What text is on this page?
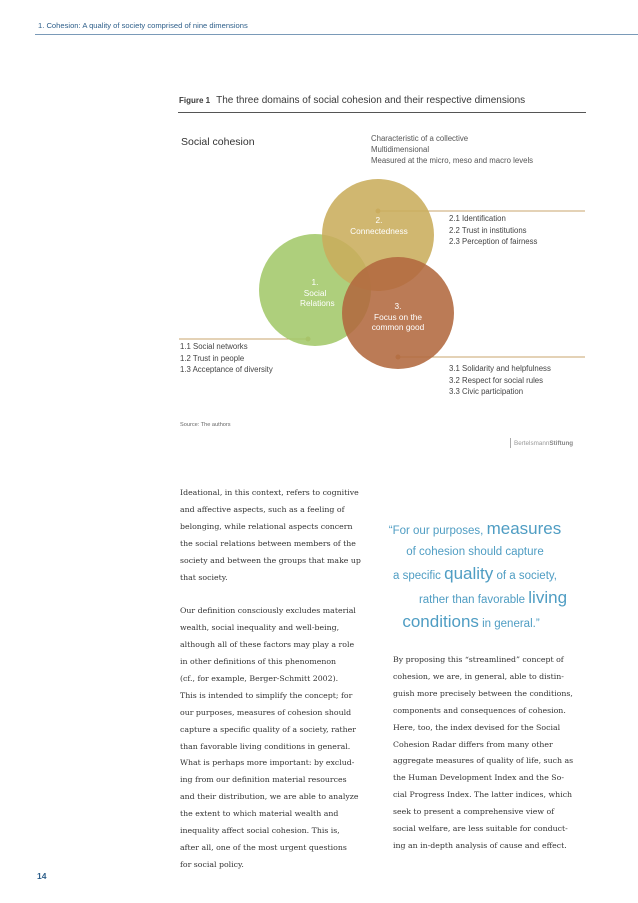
1. Cohesion: A quality of society comprised of nine dimensions
Figure 1 The three domains of social cohesion and their respective dimensions
Social cohesion	Characteristic of a collective
Multidimensional
Measured at the micro, meso and macro levels
1.
Social
Relations
2.
Connectedness
3.
Focus on the
common good
2.1 Identification
2.2 Trust in institutions
2.3 Perception of fairness
1.1 Social networks
1.2 Trust in people
1.3 Acceptance of diversity	3.1 Solidarity and helpfulness
3.2 Respect for social rules
3.3 Civic participation
Source: The authors
BertelsmannStiftung
Ideational, in this context, refers to cognitive
and affective aspects, such as a feeling of
belonging, while relational aspects concern
the social relations between members of the
society and between the groups that make up
that society.
Our definition consciously excludes material
wealth, social inequality and well-being,
although all of these factors may play a role
in other definitions of this phenomenon
(cf., for example, Berger-Schmitt 2002).
This is intended to simplify the concept; for
our purposes, measures of cohesion should
capture a specific quality of a society, rather
than favorable living conditions in general.
What is perhaps more important: by exclud-
ing from our definition material resources
and their distribution, we are able to analyze
the extent to which material wealth and
inequality affect social cohesion. This is,
after all, one of the most urgent questions
for social policy.
“For our purposes, measures
of cohesion should capture
a specific quality of a society,
rather than favorable living
conditions in general.”
By proposing this “streamlined” concept of
cohesion, we are, in general, able to distin-
guish more precisely between the conditions,
components and consequences of cohesion.
Here, too, the index devised for the Social
Cohesion Radar differs from many other
aggregate measures of quality of life, such as
the Human Development Index and the So-
cial Progress Index. The latter indices, which
seek to present a comprehensive view of
social welfare, are less suitable for conduct-
ing an in-depth analysis of cause and effect.
14
